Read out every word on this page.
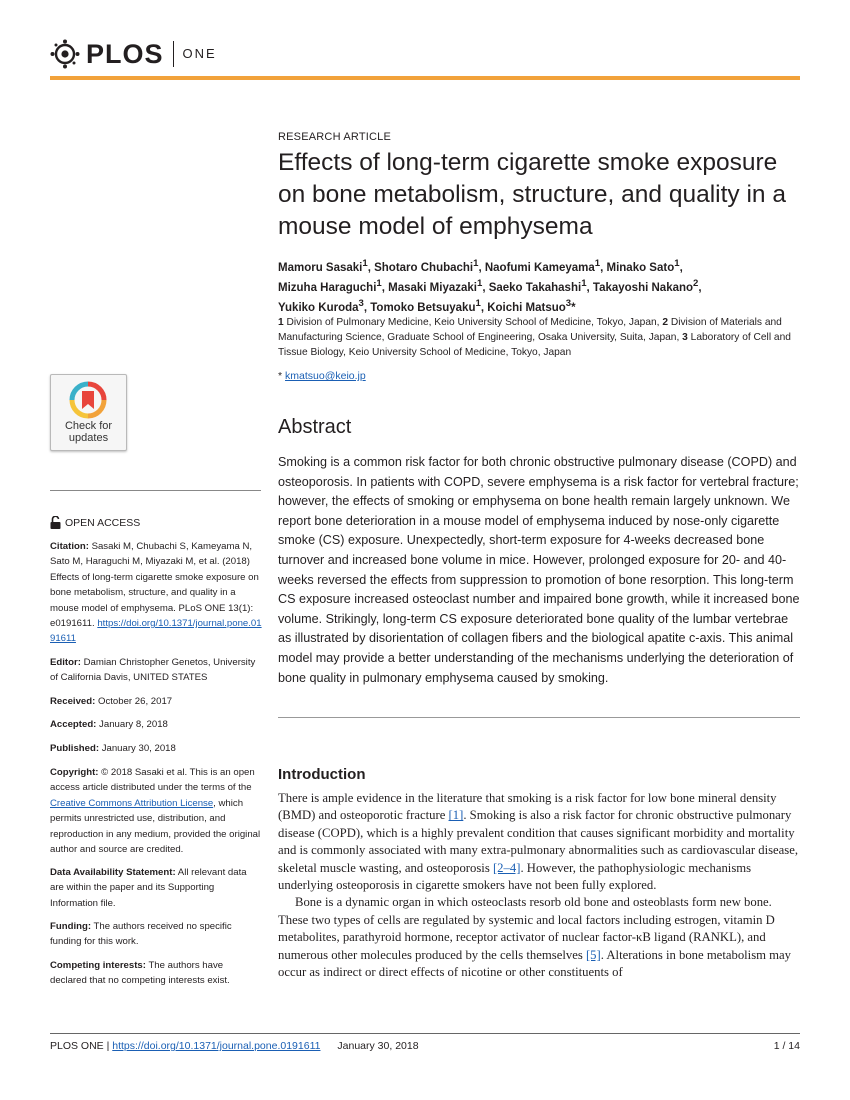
PLOS ONE
RESEARCH ARTICLE
Effects of long-term cigarette smoke exposure on bone metabolism, structure, and quality in a mouse model of emphysema
Mamoru Sasaki$^1$, Shotaro Chubachi$^1$, Naofumi Kameyama$^1$, Minako Sato$^1$,
Mizuha Haraguchi$^1$, Masaki Miyazaki$^1$, Saeko Takahashi$^1$, Takayoshi Nakano$^2$,
Yukiko Kuroda$^3$, Tomoko Betsuyaku$^1$, Koichi Matsuo$^3$*
1 Division of Pulmonary Medicine, Keio University School of Medicine, Tokyo, Japan, 2 Division of Materials and Manufacturing Science, Graduate School of Engineering, Osaka University, Suita, Japan, 3 Laboratory of Cell and Tissue Biology, Keio University School of Medicine, Tokyo, Japan
* kmatsuo@keio.jp
Abstract
Smoking is a common risk factor for both chronic obstructive pulmonary disease (COPD) and osteoporosis. In patients with COPD, severe emphysema is a risk factor for vertebral fracture; however, the effects of smoking or emphysema on bone health remain largely unknown. We report bone deterioration in a mouse model of emphysema induced by nose-only cigarette smoke (CS) exposure. Unexpectedly, short-term exposure for 4-weeks decreased bone turnover and increased bone volume in mice. However, prolonged exposure for 20- and 40-weeks reversed the effects from suppression to promotion of bone resorption. This long-term CS exposure increased osteoclast number and impaired bone growth, while it increased bone volume. Strikingly, long-term CS exposure deteriorated bone quality of the lumbar vertebrae as illustrated by disorientation of collagen fibers and the biological apatite c-axis. This animal model may provide a better understanding of the mechanisms underlying the deterioration of bone quality in pulmonary emphysema caused by smoking.
Introduction

There is ample evidence in the literature that smoking is a risk factor for low bone mineral density (BMD) and osteoporotic fracture [1]. Smoking is also a risk factor for chronic obstructive pulmonary disease (COPD), which is a highly prevalent condition that causes significant morbidity and mortality and is commonly associated with many extra-pulmonary abnormalities such as cardiovascular disease, skeletal muscle wasting, and osteoporosis [2–4]. However, the pathophysiologic mechanisms underlying osteoporosis in cigarette smokers have not been fully explored.

Bone is a dynamic organ in which osteoclasts resorb old bone and osteoblasts form new bone. These two types of cells are regulated by systemic and local factors including estrogen, vitamin D metabolites, parathyroid hormone, receptor activator of nuclear factor-κB ligand (RANKL), and numerous other molecules produced by the cells themselves [5]. Alterations in bone metabolism may occur as indirect or direct effects of nicotine or other constituents of

Check for
updates
OPEN ACCESS
Citation: Sasaki M, Chubachi S, Kameyama N, Sato M, Haraguchi M, Miyazaki M, et al. (2018) Effects of long-term cigarette smoke exposure on bone metabolism, structure, and quality in a mouse model of emphysema. PLoS ONE 13(1): e0191611. https://doi.org/10.1371/journal.pone.0191611
Editor: Damian Christopher Genetos, University of California Davis, UNITED STATES
Received: October 26, 2017
Accepted: January 8, 2018
Published: January 30, 2018
Copyright: © 2018 Sasaki et al. This is an open access article distributed under the terms of the Creative Commons Attribution License, which permits unrestricted use, distribution, and reproduction in any medium, provided the original author and source are credited.
Data Availability Statement: All relevant data are within the paper and its Supporting Information file.
Funding: The authors received no specific funding for this work.
Competing interests: The authors have declared that no competing interests exist.
PLOS ONE | https://doi.org/10.1371/journal.pone.0191611 January 30, 2018	1 / 14
